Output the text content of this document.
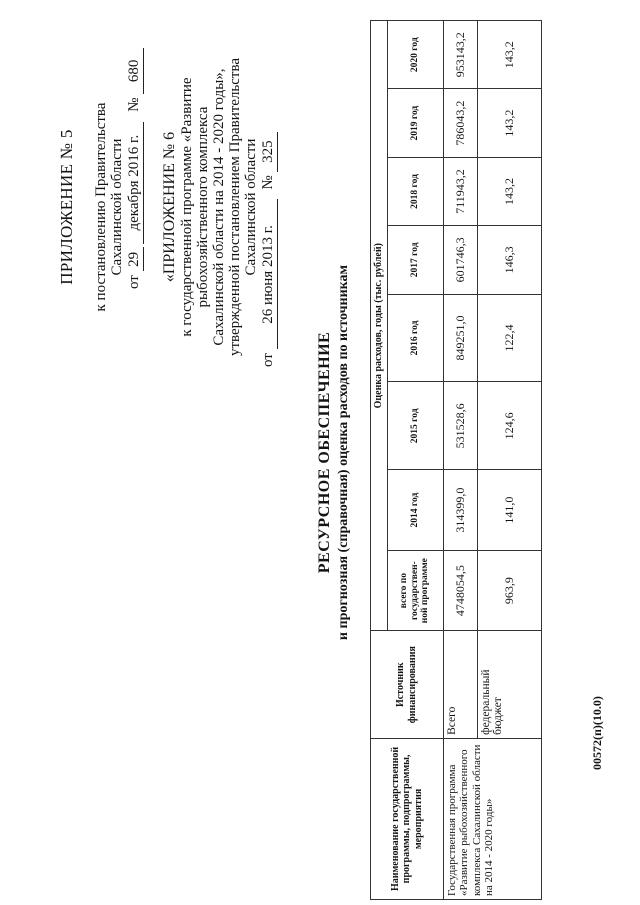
ПРИЛОЖЕНИЕ № 5 к постановлению Правительства Сахалинской области
от 29 декабря 2016 г. № 680
«ПРИЛОЖЕНИЕ № 6 к государственной программе «Развитие рыбохозяйственного комплекса Сахалинской области на 2014 - 2020 годы», утвержденной постановлением Правительства Сахалинской области
от 26 июня 2013 г. № 325
РЕСУРСНОЕ ОБЕСПЕЧЕНИЕ и прогнозная (справочная) оценка расходов по источникам
Наименование государственной программы, подпрограммы, мероприятия	Источник финансирования	Оценка расходов, годы (тыс. рублей)							
		всего по государствен-ной программе	2014 год	2015 год	2016 год	2017 год	2018 год	2019 год	2020 год
Государственная программа «Развитие рыбохозяйственного комплекса Сахалинской области на 2014 - 2020 годы»	Всего	4748054,5	314399,0	531528,6	849251,0	601746,3	711943,2	786043,2	953143,2
	федеральный бюджет	963,9	141,0	124,6	122,4	146,3	143,2	143,2	143,2
00572(п)(10.0)
